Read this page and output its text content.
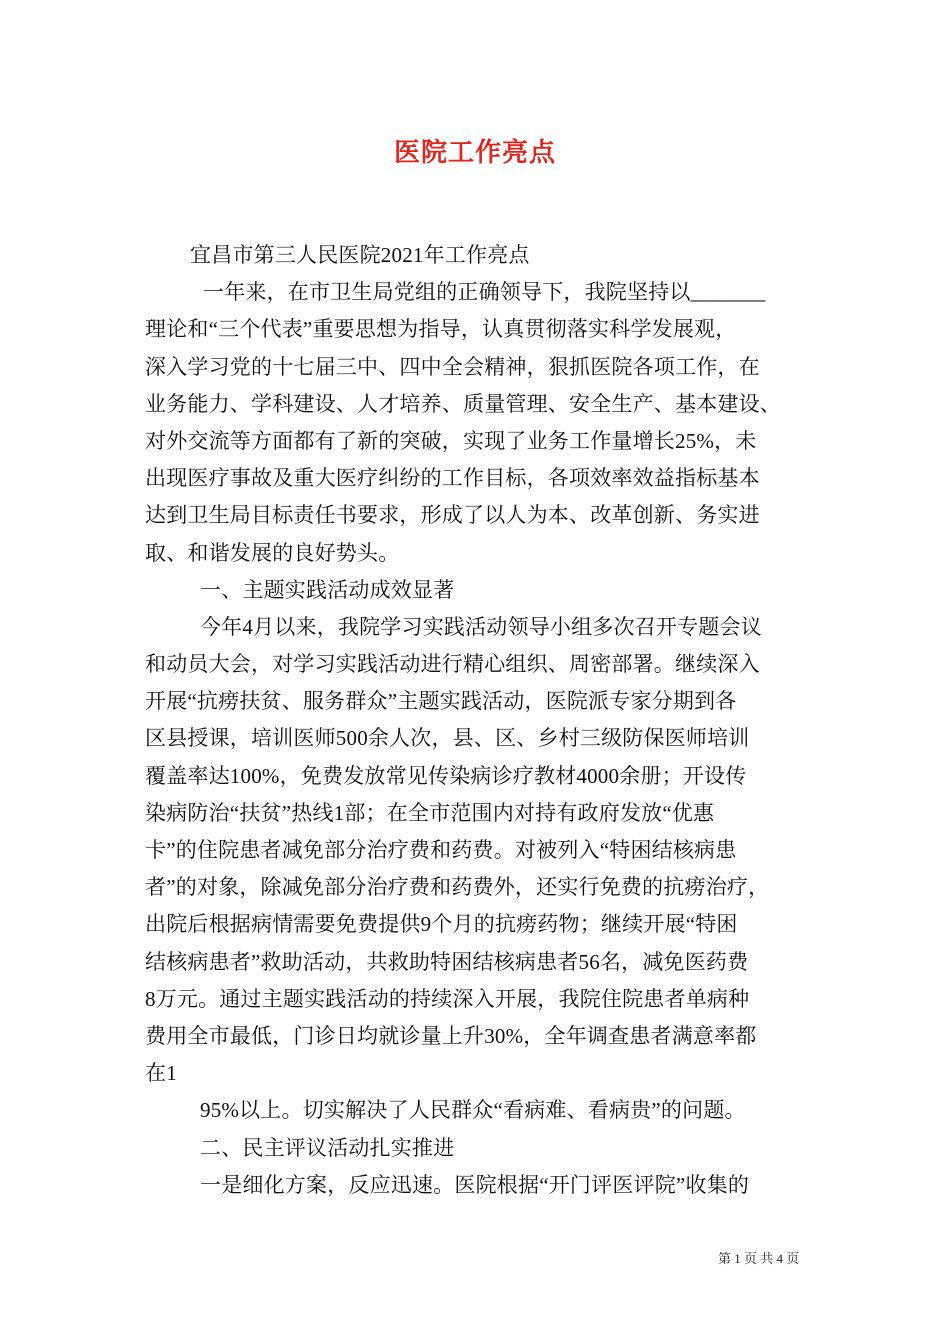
医院工作亮点
宜昌市第三人民医院2021年工作亮点
一年来，在市卫生局党组的正确领导下，我院坚持以_______
理论和“三个代表”重要思想为指导，认真贯彻落实科学发展观，
深入学习党的十七届三中、四中全会精神，狠抓医院各项工作，在
业务能力、学科建设、人才培养、质量管理、安全生产、基本建设、
对外交流等方面都有了新的突破，实现了业务工作量增长25%，未
出现医疗事故及重大医疗纠纷的工作目标，各项效率效益指标基本
达到卫生局目标责任书要求，形成了以人为本、改革创新、务实进
取、和谐发展的良好势头。
一、主题实践活动成效显著
今年4月以来，我院学习实践活动领导小组多次召开专题会议
和动员大会，对学习实践活动进行精心组织、周密部署。继续深入
开展“抗痨扶贫、服务群众”主题实践活动，医院派专家分期到各
区县授课，培训医师500余人次，县、区、乡村三级防保医师培训
覆盖率达100%，免费发放常见传染病诊疗教材4000余册；开设传
染病防治“扶贫”热线1部；在全市范围内对持有政府发放“优惠
卡”的住院患者减免部分治疗费和药费。对被列入“特困结核病患
者”的对象，除减免部分治疗费和药费外，还实行免费的抗痨治疗，
出院后根据病情需要免费提供9个月的抗痨药物；继续开展“特困
结核病患者”救助活动，共救助特困结核病患者56名，减免医药费
8万元。通过主题实践活动的持续深入开展，我院住院患者单病种
费用全市最低，门诊日均就诊量上升30%，全年调查患者满意率都
在1
95%以上。切实解决了人民群众“看病难、看病贵”的问题。
二、民主评议活动扎实推进
一是细化方案，反应迅速。医院根据“开门评医评院”收集的
第 1 页 共 4 页
